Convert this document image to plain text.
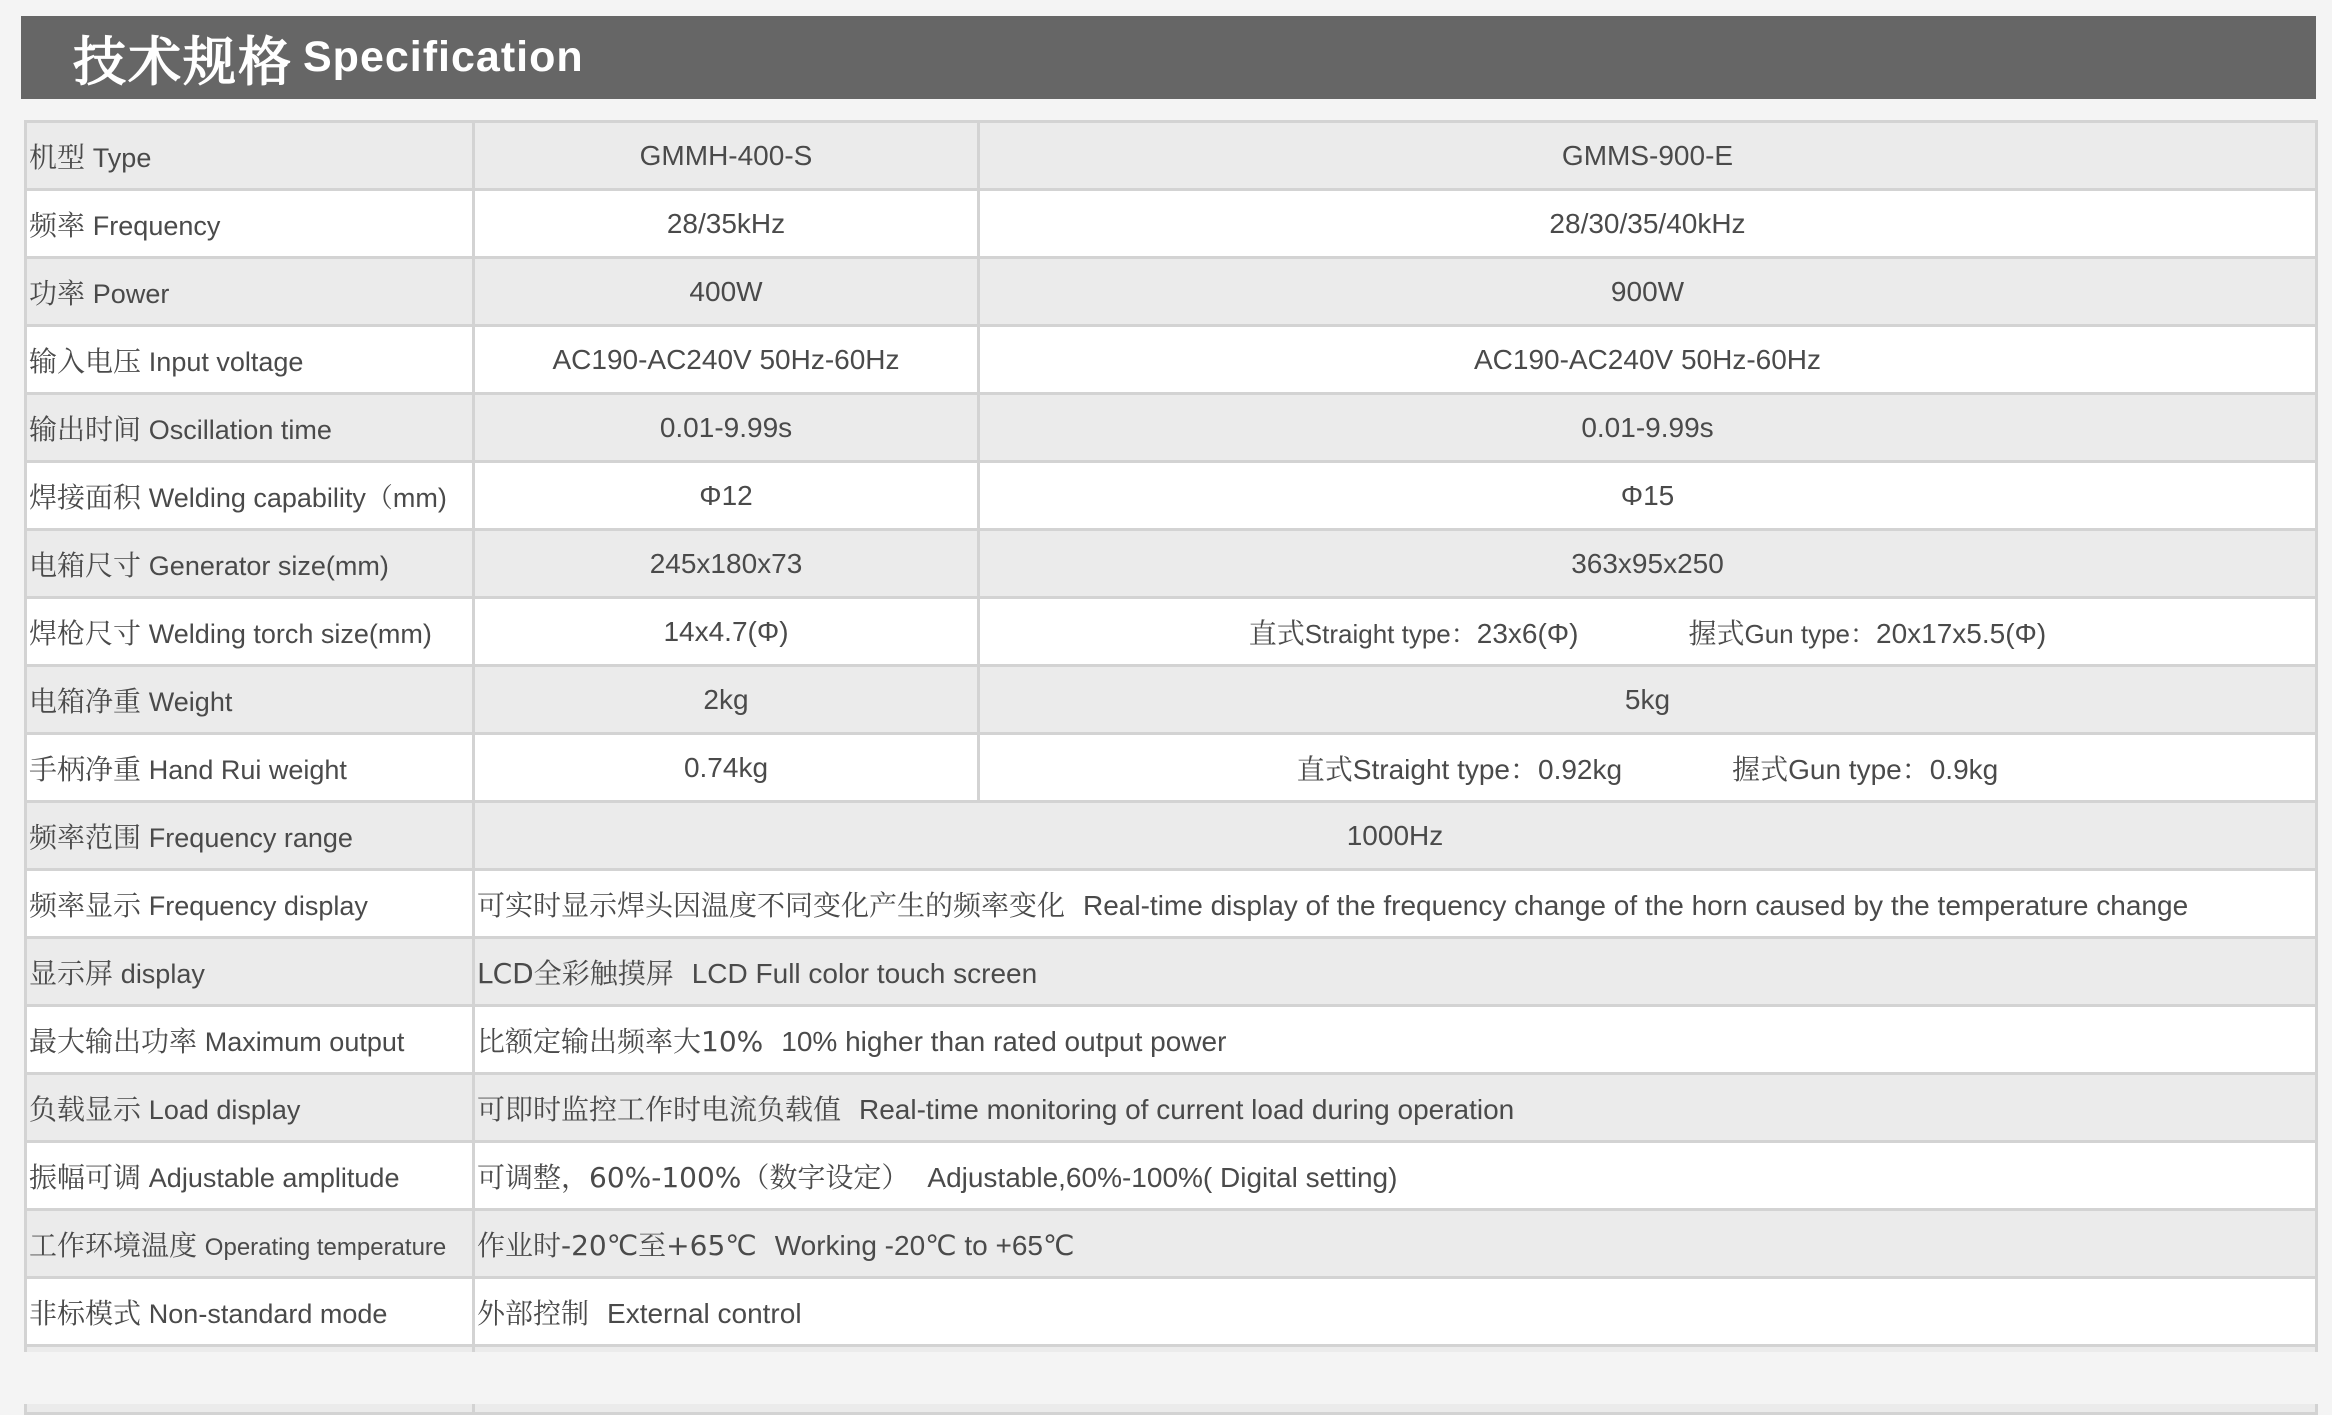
技术规格 Specification
机型 Type	GMMH-400-S	GMMS-900-E
频率 Frequency	28/35kHz	28/30/35/40kHz
功率 Power	400W	900W
输入电压 Input voltage	AC190-AC240V 50Hz-60Hz	AC190-AC240V 50Hz-60Hz
输出时间 Oscillation time	0.01-9.99s	0.01-9.99s
焊接面积 Welding capability（mm)	Φ12	Φ15
电箱尺寸 Generator size(mm)	245x180x73	363x95x250
焊枪尺寸 Welding torch size(mm)	14x4.7(Φ)	直式Straight type：23x6(Φ) 握式Gun type：20x17x5.5(Φ)
电箱净重 Weight	2kg	5kg
手柄净重 Hand Rui weight	0.74kg	直式Straight type：0.92kg 握式Gun type：0.9kg
频率范围 Frequency range	1000Hz	
频率显示 Frequency display	可实时显示焊头因温度不同变化产生的频率变化 Real-time display of the frequency change of the horn caused by the temperature change	
显示屏 display	LCD全彩触摸屏 LCD Full color touch screen	
最大输出功率 Maximum output	比额定输出频率大10% 10% higher than rated output power	
负载显示 Load display	可即时监控工作时电流负载值 Real-time monitoring of current load during operation	
振幅可调 Adjustable amplitude	可调整，60%-100%（数字设定） Adjustable,60%-100%( Digital setting)	
工作环境温度 Operating temperature	作业时-20℃至+65℃ Working -20℃ to +65℃	
非标模式 Non-standard mode	外部控制 External control	
